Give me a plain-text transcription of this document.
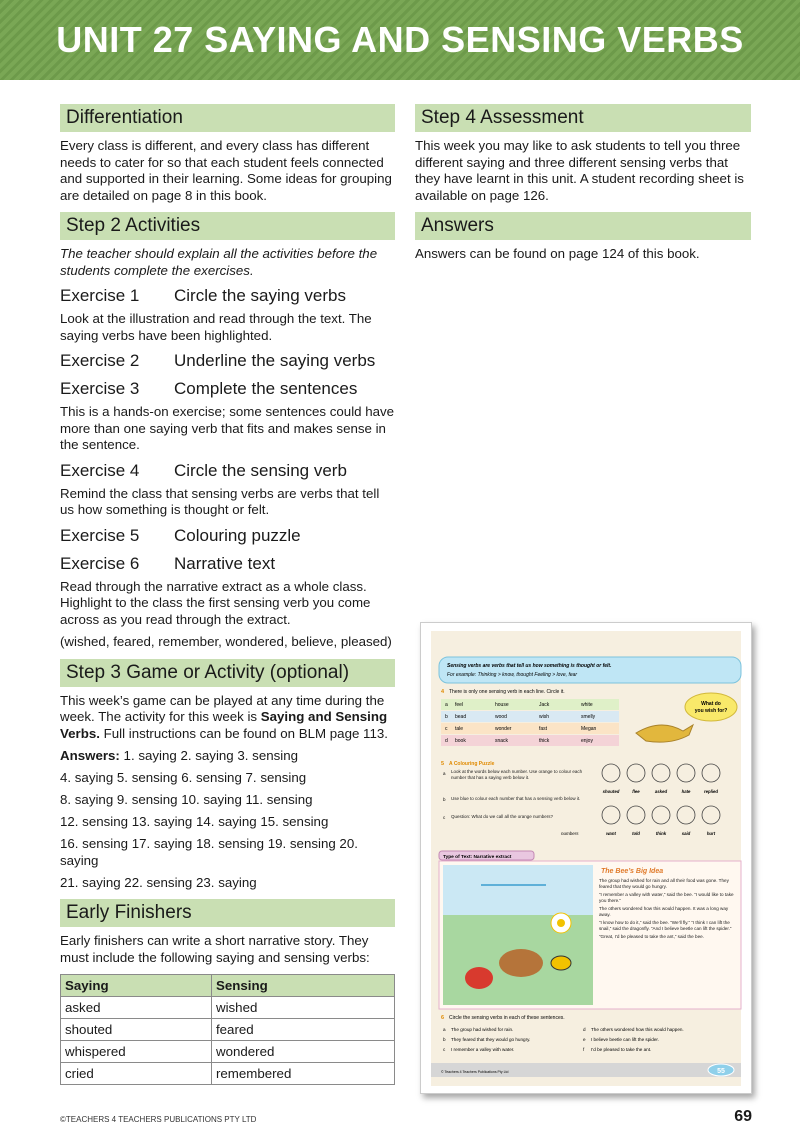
UNIT 27 SAYING AND SENSING VERBS
Differentiation

Every class is different, and every class has different needs to cater for so that each student feels connected and supported in their learning. Some ideas for grouping are detailed on page 8 in this book.

Step 2 Activities

The teacher should explain all the activities before the students complete the exercises.

Exercise 1	Circle the saying verbs

Look at the illustration and read through the text. The saying verbs have been highlighted.

Exercise 2	Underline the saying verbs
Exercise 3	Complete the sentences

This is a hands-on exercise; some sentences could have more than one saying verb that fits and makes sense in the sentence.

Exercise 4	Circle the sensing verb

Remind the class that sensing verbs are verbs that tell us how something is thought or felt.

Exercise 5	Colouring puzzle
Exercise 6	Narrative text

Read through the narrative extract as a whole class. Highlight to the class the first sensing verb you come across as you read through the extract.

(wished, feared, remember, wondered, believe, pleased)

Step 3 Game or Activity (optional)

This week’s game can be played at any time during the week. The activity for this week is Saying and Sensing Verbs. Full instructions can be found on BLM page 113.

Answers: 1. saying 2. saying 3. sensing
4. saying 5. sensing 6. sensing 7. sensing
8. saying 9. sensing 10. saying 11. sensing
12. sensing 13. saying 14. saying 15. sensing
16. sensing 17. saying 18. sensing 19. sensing 20. saying
21. saying 22. sensing 23. saying
Early Finishers

Early finishers can write a short narrative story. They must include the following saying and sensing verbs:

Saying	Sensing
asked	wished
shouted	feared
whispered	wondered
cried	remembered
Step 4 Assessment

This week you may like to ask students to tell you three different saying and three different sensing verbs that they have learnt in this unit. A student recording sheet is available on page 126.

Answers

Answers can be found on page 124 of this book.

Sensing verbs are verbs that tell us how something is thought or felt.
For example: Thinking > know, thought Feeling > love, fear
4 There is only one sensing verb in each line. Circle it.
a feel	house	Jack	white
b bead	wood	wish	smelly
c tale	wonder	fast	Megan
d book	snack	thick	enjoy
What do
you wish for?
5 A Colouring Puzzle
a Look at the words below each number. Use orange to colour each number that has a saying verb below it.
b Use blue to colour each number that has a sensing verb below it.
c Question: What do we call all the orange numbers?
numbers
shouted	flee	asked	hate	replied
want	told	think	said	hurt
Type of Text: Narrative extract
The Bee’s Big Idea
The group had wished for rain and all their food was gone. They feared that they would go hungry.
“I remember a valley with water,” said the bee. “I would like to take you there.”
The others wondered how this would happen. It was a long way away.
“I know how to do it,” said the bee. “We’ll fly.” “I think I can lift the snail,” said the dragonfly. “And I believe beetle can lift the spider.”
“Great, I’d be pleased to take the ant,” said the bee.
6 Circle the sensing verbs in each of these sentences.
a The group had wished for rain.	d The others wondered how this would happen.
b They feared that they would go hungry.	e I believe beetle can lift the spider.
c I remember a valley with water.	f I’d be pleased to take the ant.
© Teachers 4 Teachers Publications Pty Ltd	55
©TEACHERS 4 TEACHERS PUBLICATIONS PTY LTD	69
